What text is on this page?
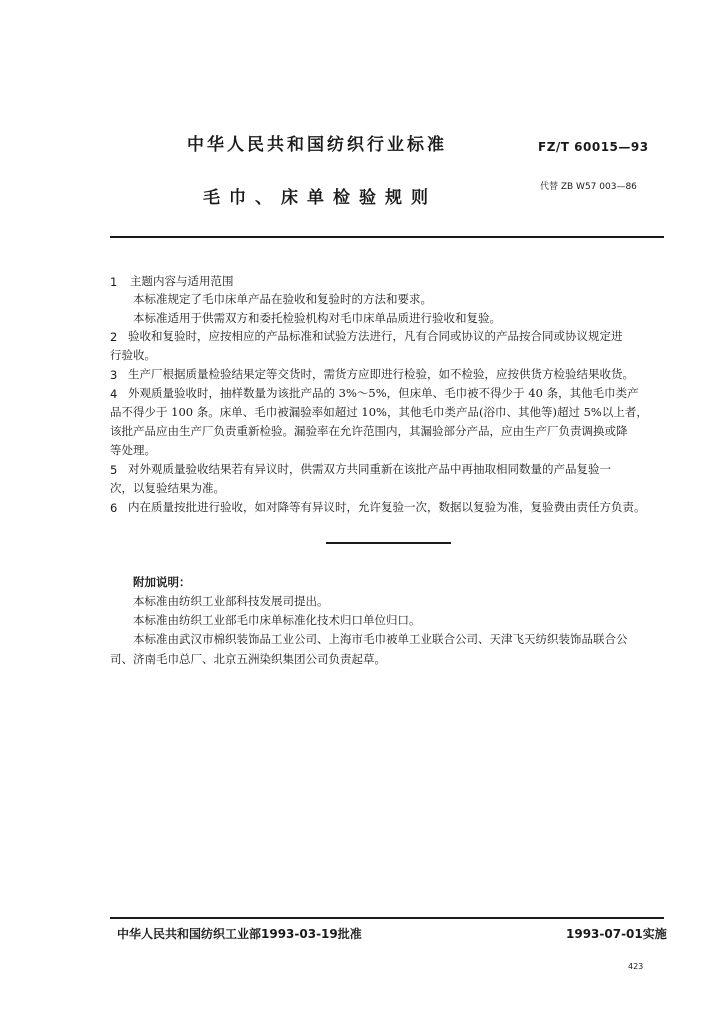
中华人民共和国纺织行业标准	FZ/T 60015—93
毛巾、床单检验规则
代替 ZB W57 003—86
1 主题内容与适用范围
本标准规定了毛巾床单产品在验收和复验时的方法和要求。
本标准适用于供需双方和委托检验机构对毛巾床单品质进行验收和复验。
2 验收和复验时，应按相应的产品标准和试验方法进行，凡有合同或协议的产品按合同或协议规定进
行验收。
3 生产厂根据质量检验结果定等交货时，需货方应即进行检验，如不检验，应按供货方检验结果收货。
4 外观质量验收时，抽样数量为该批产品的 3%～5%，但床单、毛巾被不得少于 40 条，其他毛巾类产
品不得少于 100 条。床单、毛巾被漏验率如超过 10%，其他毛巾类产品(浴巾、其他等)超过 5%以上者，
该批产品应由生产厂负责重新检验。漏验率在允许范围内，其漏验部分产品，应由生产厂负责调换或降
等处理。
5 对外观质量验收结果若有异议时，供需双方共同重新在该批产品中再抽取相同数量的产品复验一
次，以复验结果为准。
6 内在质量按批进行验收，如对降等有异议时，允许复验一次，数据以复验为准，复验费由责任方负责。
附加说明：
本标准由纺织工业部科技发展司提出。
本标准由纺织工业部毛巾床单标准化技术归口单位归口。
本标准由武汉市棉织装饰品工业公司、上海市毛巾被单工业联合公司、天津飞天纺织装饰品联合公
司、济南毛巾总厂、北京五洲染织集团公司负责起草。
中华人民共和国纺织工业部1993-03-19批准	1993-07-01实施
423
